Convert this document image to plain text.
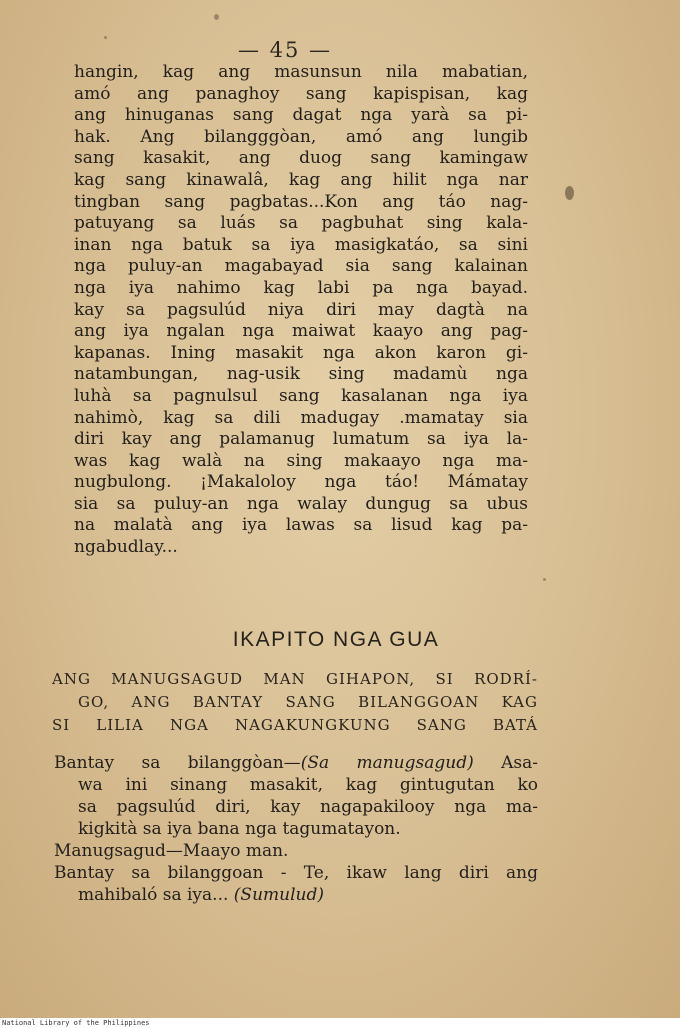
— 45 —
hangin, kag ang masunsun nila mabatian,
amó ang panaghoy sang kapispisan, kag
ang hinuganas sang dagat nga yarà sa pi-
hak. Ang bilangggòan, amó ang lungib
sang kasakit, ang duog sang kamingaw
kag sang kinawalâ, kag ang hilit nga nar
tingban sang pagbatas...Kon ang táo nag-
patuyang sa luás sa pagbuhat sing kala-
inan nga batuk sa iya masigkatáo, sa sini
nga puluy-an magabayad sia sang kalainan
nga iya nahimo kag labi pa nga bayad.
kay sa pagsulúd niya diri may dagtà na
ang iya ngalan nga maiwat kaayo ang pag-
kapanas. Ining masakit nga akon karon gi-
natambungan, nag-usik sing madamù nga
luhà sa pagnulsul sang kasalanan nga iya
nahimò, kag sa dili madugay .mamatay sia
diri kay ang palamanug lumatum sa iya la-
was kag walà na sing makaayo nga ma-
nugbulong. ¡Makaloloy nga táo! Mámatay
sia sa puluy-an nga walay dungug sa ubus
na malatà ang iya lawas sa lisud kag pa-
ngabudlay...
IKAPITO NGA GUA
ANG MANUGSAGUD MAN GIHAPON, SI RODRÍ-
GO, ANG BANTAY SANG BILANGGOAN KAG
SI LILIA NGA NAGAKUNGKUNG SANG BATÁ
Bantay sa bilanggòan—(Sa manugsagud) Asa-
wa ini sinang masakit, kag gintugutan ko
sa pagsulúd diri, kay nagapakilooy nga ma-
kigkità sa iya bana nga tagumatayon.
Manugsagud—Maayo man.
Bantay sa bilanggoan - Te, ikaw lang diri ang
mahibaló sa iya... (Sumulud)
National Library of the Philippines
